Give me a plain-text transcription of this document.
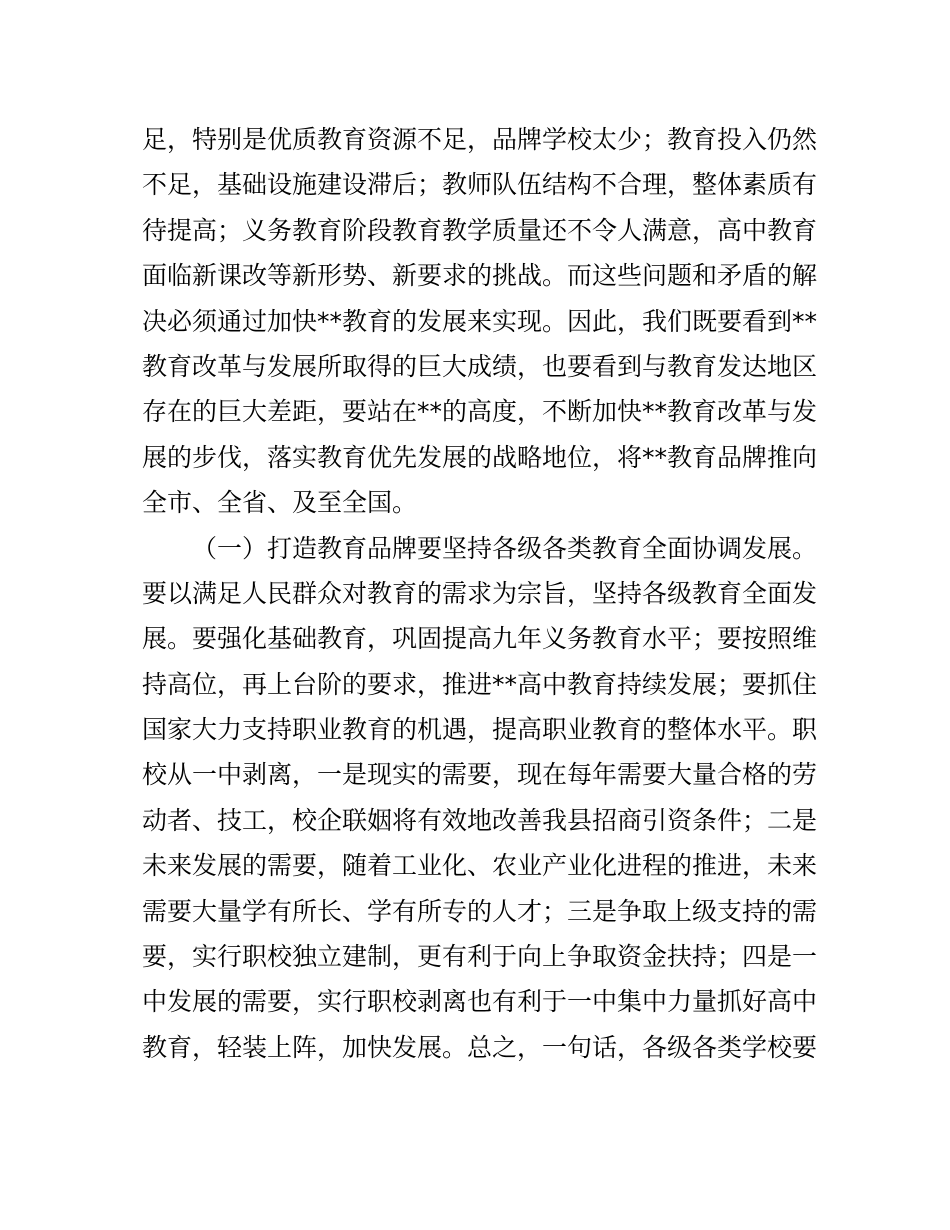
足，特别是优质教育资源不足，品牌学校太少；教育投入仍然
不足，基础设施建设滞后；教师队伍结构不合理，整体素质有
待提高；义务教育阶段教育教学质量还不令人满意，高中教育
面临新课改等新形势、新要求的挑战。而这些问题和矛盾的解
决必须通过加快**教育的发展来实现。因此，我们既要看到**
教育改革与发展所取得的巨大成绩，也要看到与教育发达地区
存在的巨大差距，要站在**的高度，不断加快**教育改革与发
展的步伐，落实教育优先发展的战略地位，将**教育品牌推向
全市、全省、及至全国。
（一）打造教育品牌要坚持各级各类教育全面协调发展。
要以满足人民群众对教育的需求为宗旨，坚持各级教育全面发
展。要强化基础教育，巩固提高九年义务教育水平；要按照维
持高位，再上台阶的要求，推进**高中教育持续发展；要抓住
国家大力支持职业教育的机遇，提高职业教育的整体水平。职
校从一中剥离，一是现实的需要，现在每年需要大量合格的劳
动者、技工，校企联姻将有效地改善我县招商引资条件；二是
未来发展的需要，随着工业化、农业产业化进程的推进，未来
需要大量学有所长、学有所专的人才；三是争取上级支持的需
要，实行职校独立建制，更有利于向上争取资金扶持；四是一
中发展的需要，实行职校剥离也有利于一中集中力量抓好高中
教育，轻装上阵，加快发展。总之，一句话，各级各类学校要
